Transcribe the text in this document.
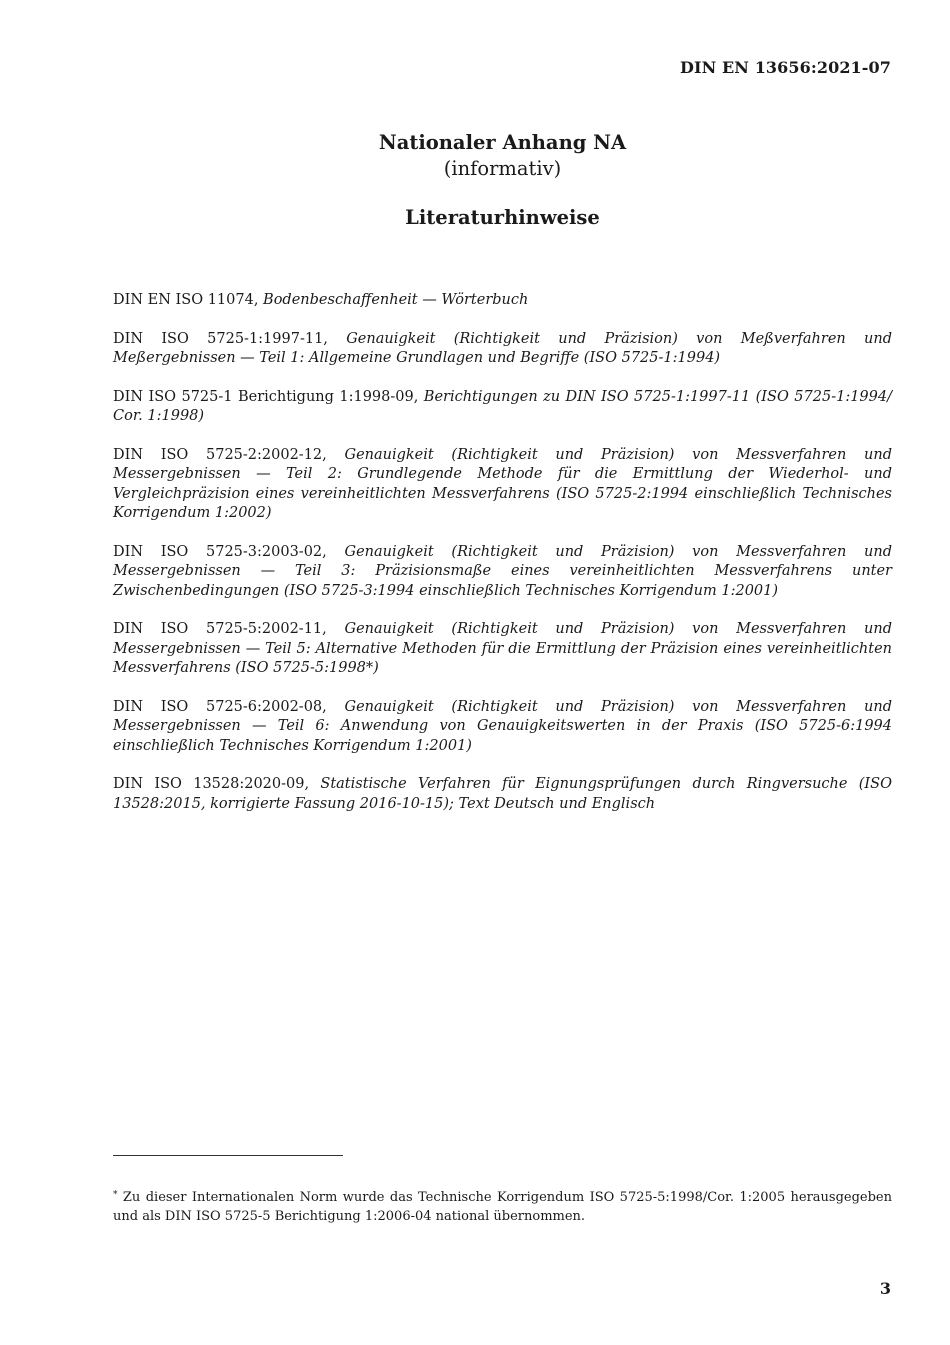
DIN EN 13656:2021-07
Nationaler Anhang NA
(informativ)
Literaturhinweise
DIN EN ISO 11074, Bodenbeschaffenheit — Wörterbuch
DIN ISO 5725-1:1997-11, Genauigkeit (Richtigkeit und Präzision) von Meßverfahren und Meßergebnissen — Teil 1: Allgemeine Grundlagen und Begriffe (ISO 5725-1:1994)
DIN ISO 5725-1 Berichtigung 1:1998-09, Berichtigungen zu DIN ISO 5725-1:1997-11 (ISO 5725-1:1994/ Cor. 1:1998)
DIN ISO 5725-2:2002-12, Genauigkeit (Richtigkeit und Präzision) von Messverfahren und Messergebnissen — Teil 2: Grundlegende Methode für die Ermittlung der Wiederhol- und Vergleichpräzision eines vereinheitlichten Messverfahrens (ISO 5725-2:1994 einschließlich Technisches Korrigendum 1:2002)
DIN ISO 5725-3:2003-02, Genauigkeit (Richtigkeit und Präzision) von Messverfahren und Messergebnissen — Teil 3: Präzisionsmaße eines vereinheitlichten Messverfahrens unter Zwischenbedingungen (ISO 5725-3:1994 einschließlich Technisches Korrigendum 1:2001)
DIN ISO 5725-5:2002-11, Genauigkeit (Richtigkeit und Präzision) von Messverfahren und Messergebnissen — Teil 5: Alternative Methoden für die Ermittlung der Präzision eines vereinheitlichten Messverfahrens (ISO 5725-5:1998*)
DIN ISO 5725-6:2002-08, Genauigkeit (Richtigkeit und Präzision) von Messverfahren und Messergebnissen — Teil 6: Anwendung von Genauigkeitswerten in der Praxis (ISO 5725-6:1994 einschließlich Technisches Korrigendum 1:2001)
DIN ISO 13528:2020-09, Statistische Verfahren für Eignungsprüfungen durch Ringversuche (ISO 13528:2015, korrigierte Fassung 2016-10-15); Text Deutsch und Englisch
* Zu dieser Internationalen Norm wurde das Technische Korrigendum ISO 5725-5:1998/Cor. 1:2005 herausgegeben und als DIN ISO 5725-5 Berichtigung 1:2006-04 national übernommen.
3
